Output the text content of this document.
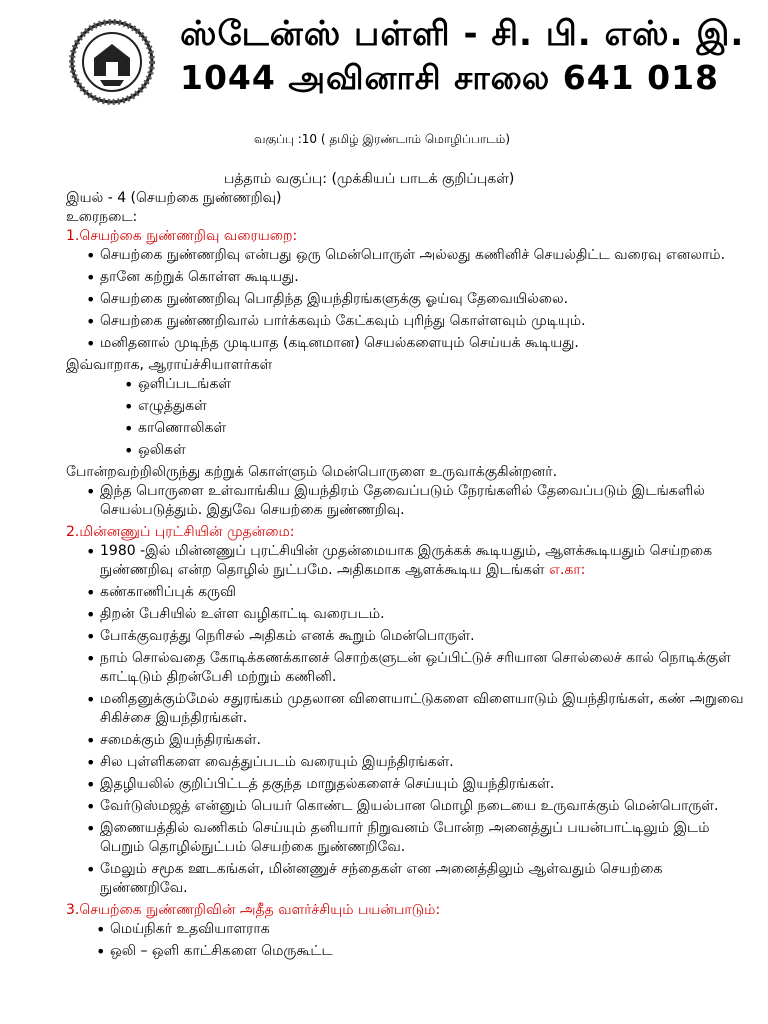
ஸ்டேன்ஸ் பள்ளி - சி. பி. எஸ். இ.
1044 அவினாசி சாலை 641 018
வகுப்பு :10 ( தமிழ் இரண்டாம் மொழிப்பாடம்)
பத்தாம் வகுப்பு: (முக்கியப் பாடக் குறிப்புகள்)
இயல் - 4 (செயற்கை நுண்ணறிவு)
உரைநடை:
1.செயற்கை நுண்ணறிவு வரையறை:
• செயற்கை நுண்ணறிவு என்பது ஒரு மென்பொருள் அல்லது கணினிச் செயல்திட்ட வரைவு எனலாம்.
• தானே கற்றுக் கொள்ள கூடியது.
• செயற்கை நுண்ணறிவு பொதிந்த இயந்திரங்களுக்கு ஓய்வு தேவையில்லை.
• செயற்கை நுண்ணறிவால் பார்க்கவும் கேட்கவும் புரிந்து கொள்ளவும் முடியும்.
• மனிதனால் முடிந்த முடியாத (கடினமான) செயல்களையும் செய்யக் கூடியது.
இவ்வாறாக, ஆராய்ச்சியாளர்கள்
• ஒளிப்படங்கள்
• எழுத்துகள்
• காணொலிகள்
• ஒலிகள்
போன்றவற்றிலிருந்து கற்றுக் கொள்ளும் மென்பொருளை உருவாக்குகின்றனர்.
• இந்த பொருளை உள்வாங்கிய இயந்திரம் தேவைப்படும் நேரங்களில் தேவைப்படும் இடங்களில் செயல்படுத்தும். இதுவே செயற்கை நுண்ணறிவு.
2.மின்னணுப் புரட்சியின் முதன்மை:
• 1980 -இல் மின்னணுப் புரட்சியின் முதன்மையாக இருக்கக் கூடியதும், ஆளக்கூடியதும் செய்றகை நுண்ணறிவு என்ற தொழில் நுட்பமே. அதிகமாக ஆளக்கூடிய இடங்கள் எ.கா:
• கண்காணிப்புக் கருவி
• திறன் பேசியில் உள்ள வழிகாட்டி வரைபடம்.
• போக்குவரத்து நெரிசல் அதிகம் எனக் கூறும் மென்பொருள்.
• நாம் சொல்வதை கோடிக்கணக்கானச் சொற்களுடன் ஒப்பிட்டுச் சரியான சொல்லைச் கால் நொடிக்குள் காட்டிடும் திறன்பேசி மற்றும் கணினி.
• மனிதனுக்கும்மேல் சதுரங்கம் முதலான விளையாட்டுகளை விளையாடும் இயந்திரங்கள், கண் அறுவை சிகிச்சை இயந்திரங்கள்.
• சமைக்கும் இயந்திரங்கள்.
• சில புள்ளிகளை வைத்துப்படம் வரையும் இயந்திரங்கள்.
• இதழியலில் குறிப்பிட்டத் தகுந்த மாறுதல்களைச் செய்யும் இயந்திரங்கள்.
• வேர்டுஸ்மஜத் என்னும் பெயர் கொண்ட இயல்பான மொழி நடையை உருவாக்கும் மென்பொருள்.
• இணையத்தில் வணிகம் செய்யும் தனியார் நிறுவனம் போன்ற அனைத்துப் பயன்பாட்டிலும் இடம் பெறும் தொழில்நுட்பம் செயற்கை நுண்ணறிவே.
• மேலும் சமூக ஊடகங்கள், மின்னணுச் சந்தைகள் என அனைத்திலும் ஆள்வதும் செயற்கை நுண்ணறிவே.
3.செயற்கை நுண்ணறிவின் அதீத வளர்ச்சியும் பயன்பாடும்:
• மெய்நிகர் உதவியாளராக
• ஒலி – ஒளி காட்சிகளை மெருகூட்ட
